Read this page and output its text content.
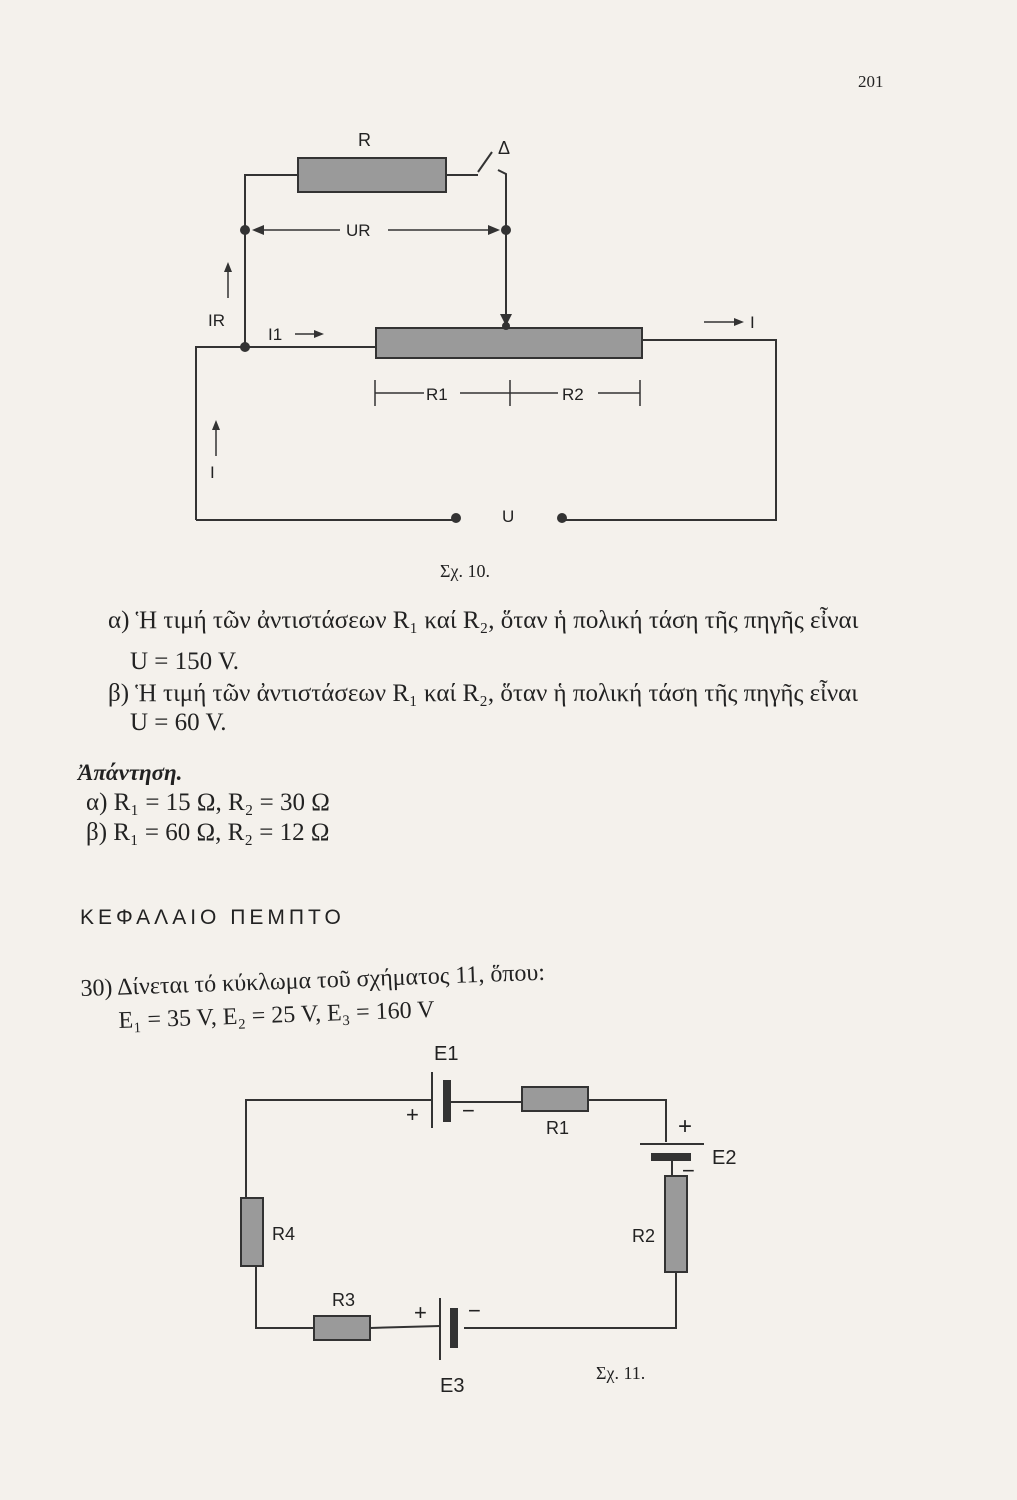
201
R	Δ
UR
IR
I1
I
I
R1	R2
U
Σχ. 10.
α) Ἡ τιμή τῶν ἀντιστάσεων R₁ καί R₂, ὅταν ἡ πολική τάση τῆς πηγῆς εἶναι
U = 150 V.
β) Ἡ τιμή τῶν ἀντιστάσεων R₁ καί R₂, ὅταν ἡ πολική τάση τῆς πηγῆς εἶναι
U = 60 V.
Ἀπάντηση.
α) R₁ = 15 Ω, R₂ = 30 Ω
β) R₁ = 60 Ω, R₂ = 12 Ω
ΚΕΦΑΛΑΙΟ ΠΕΜΠΤΟ
30) Δίνεται τό κύκλωμα τοῦ σχήματος 11, ὅπου:
E₁ = 35 V, E₂ = 25 V, E₃ = 160 V
E1
+ −
R1	+
− E2
R2
R4
R3	+ −
E3
Σχ. 11.
